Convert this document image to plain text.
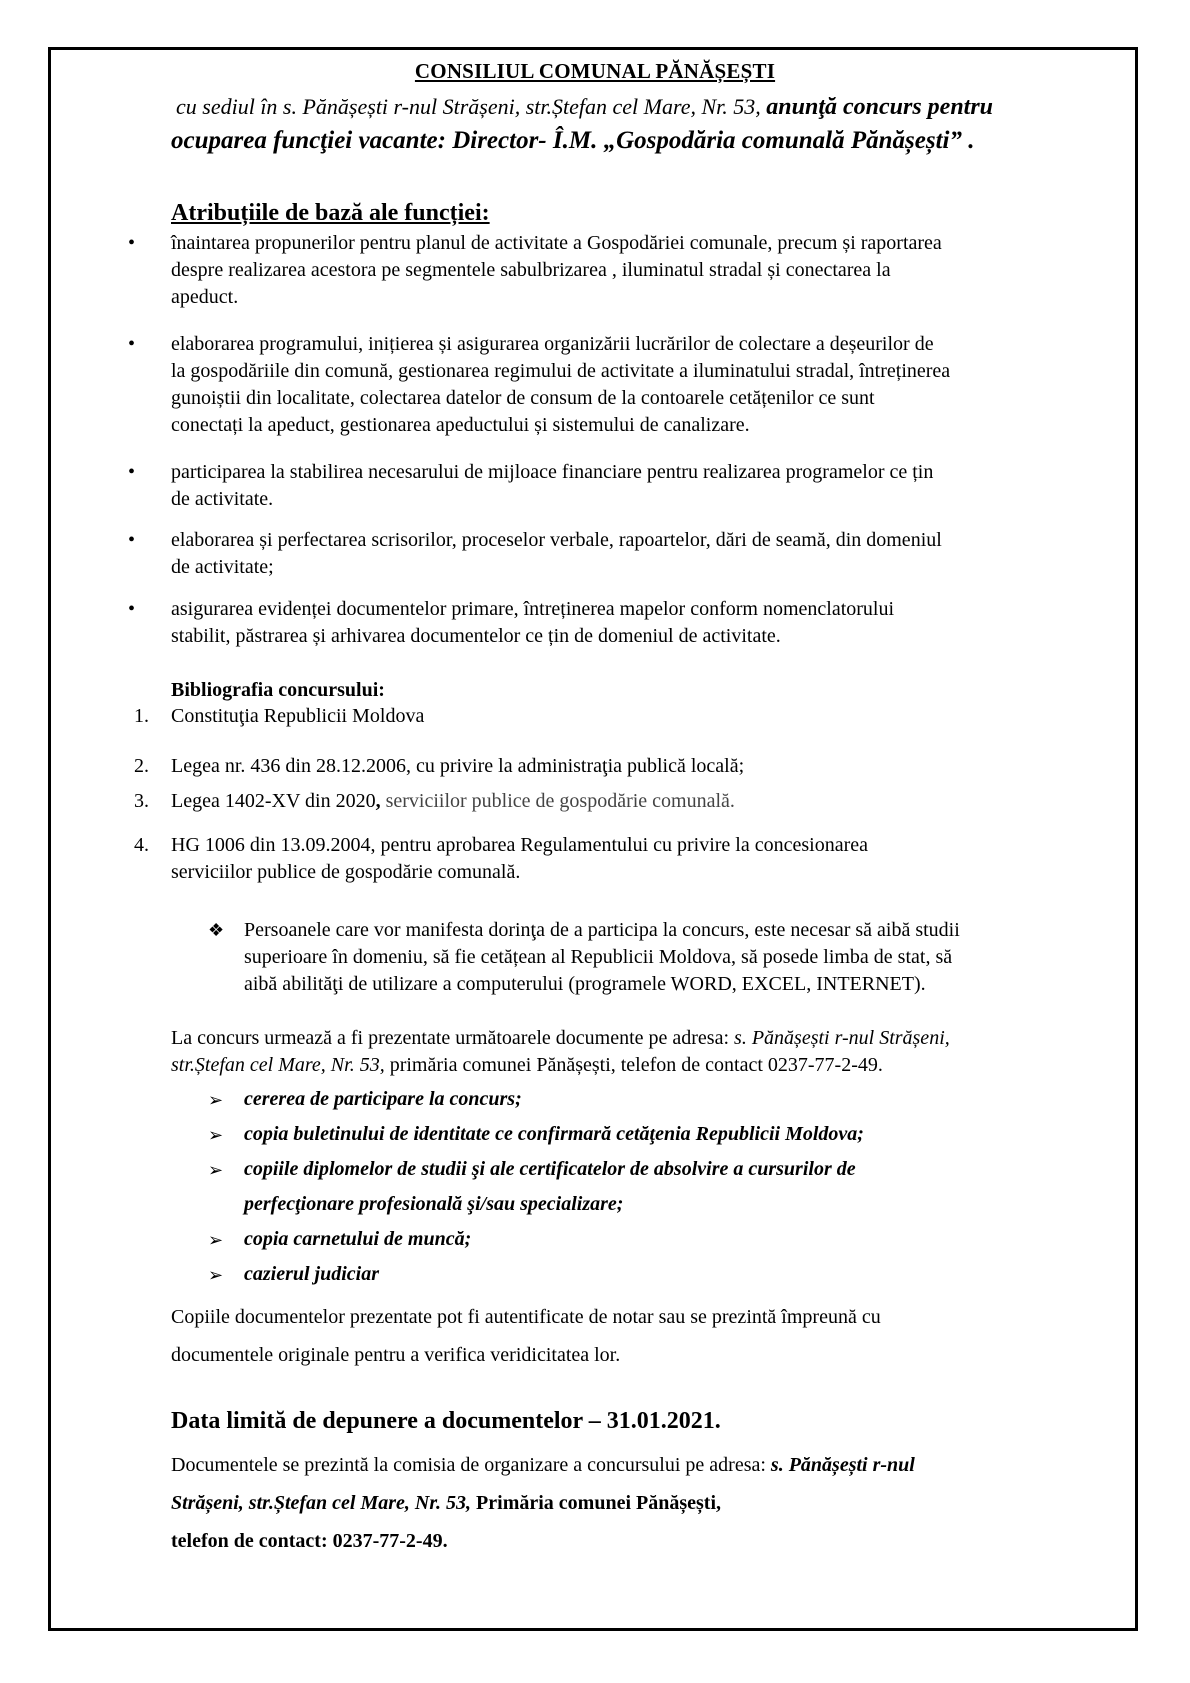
CONSILIUL COMUNAL PĂNĂȘEȘTI
cu sediul în s. Pănășești r-nul Strășeni, str.Ștefan cel Mare, Nr. 53, anunţă concurs pentru
ocuparea funcţiei vacante: Director- Î.M. „Gospodăria comunală Pănășești” .
Atribuțiile de bază ale funcției:
• înaintarea propunerilor pentru planul de activitate a Gospodăriei comunale, precum și raportarea
despre realizarea acestora pe segmentele sabulbrizarea , iluminatul stradal și conectarea la
apeduct.
• elaborarea programului, inițierea și asigurarea organizării lucrărilor de colectare a deșeurilor de
la gospodăriile din comună, gestionarea regimului de activitate a iluminatului stradal, întreținerea
gunoiștii din localitate, colectarea datelor de consum de la contoarele cetățenilor ce sunt
conectați la apeduct, gestionarea apeductului și sistemului de canalizare.
• participarea la stabilirea necesarului de mijloace financiare pentru realizarea programelor ce țin
de activitate.
• elaborarea și perfectarea scrisorilor, proceselor verbale, rapoartelor, dări de seamă, din domeniul
de activitate;
• asigurarea evidenței documentelor primare, întreținerea mapelor conform nomenclatorului
stabilit, păstrarea și arhivarea documentelor ce țin de domeniul de activitate.
Bibliografia concursului:
1. Constituţia Republicii Moldova
2. Legea nr. 436 din 28.12.2006, cu privire la administraţia publică locală;
3. Legea 1402-XV din 2020, serviciilor publice de gospodărie comunală.
4. HG 1006 din 13.09.2004, pentru aprobarea Regulamentului cu privire la concesionarea
serviciilor publice de gospodărie comunală.
❖ Persoanele care vor manifesta dorinţa de a participa la concurs, este necesar să aibă studii
superioare în domeniu, să fie cetățean al Republicii Moldova, să posede limba de stat, să
aibă abilităţi de utilizare a computerului (programele WORD, EXCEL, INTERNET).
La concurs urmează a fi prezentate următoarele documente pe adresa: s. Pănășești r-nul Strășeni,
str.Ștefan cel Mare, Nr. 53, primăria comunei Pănășești, telefon de contact 0237-77-2-49.
➢ cererea de participare la concurs;
➢ copia buletinului de identitate ce confirmară cetăţenia Republicii Moldova;
➢ copiile diplomelor de studii şi ale certificatelor de absolvire a cursurilor de
perfecţionare profesională şi/sau specializare;
➢ copia carnetului de muncă;
➢ cazierul judiciar
Copiile documentelor prezentate pot fi autentificate de notar sau se prezintă împreună cu
documentele originale pentru a verifica veridicitatea lor.
Data limită de depunere a documentelor – 31.01.2021.
Documentele se prezintă la comisia de organizare a concursului pe adresa: s. Pănășești r-nul
Strășeni, str.Ștefan cel Mare, Nr. 53, Primăria comunei Pănășești,
telefon de contact: 0237-77-2-49.
